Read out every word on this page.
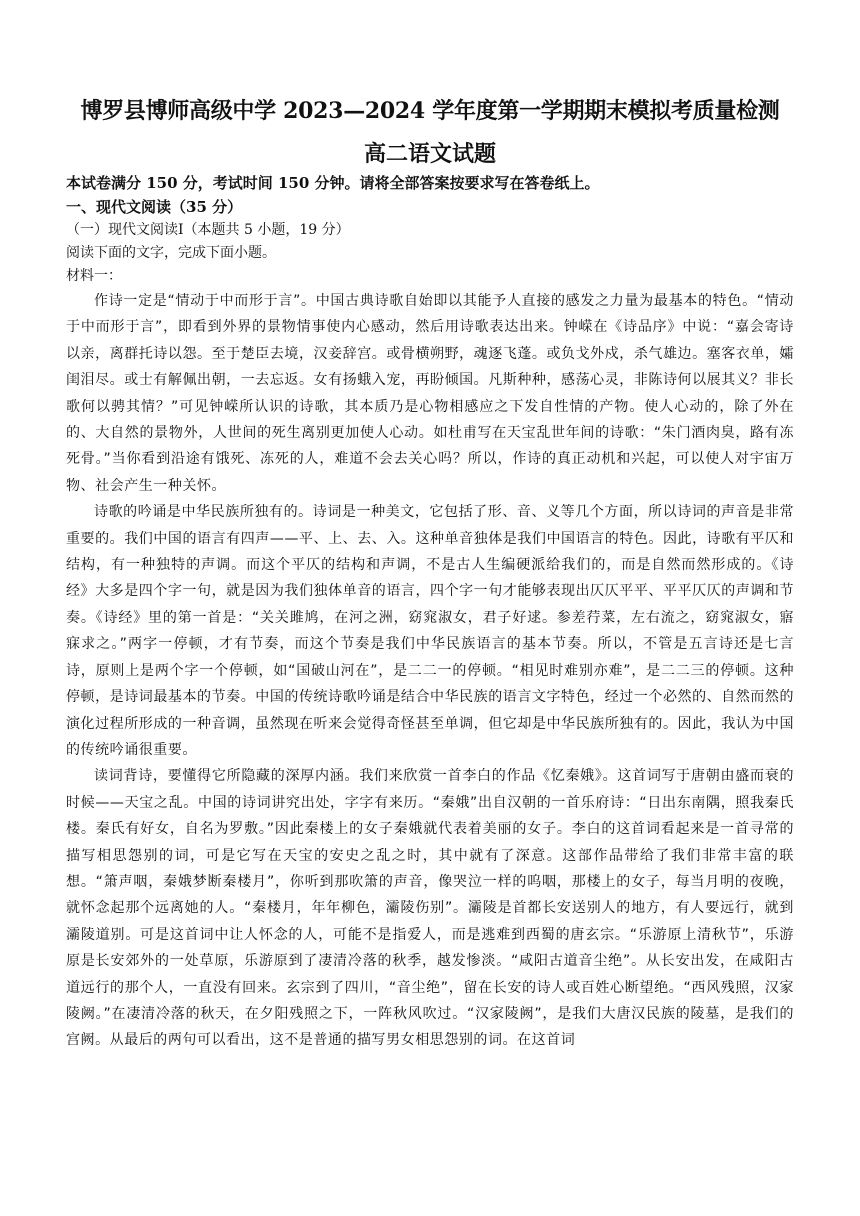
博罗县博师高级中学 2023—2024 学年度第一学期期末模拟考质量检测
高二语文试题
本试卷满分 150 分，考试时间 150 分钟。请将全部答案按要求写在答卷纸上。
一、现代文阅读（35 分）
（一）现代文阅读Ⅰ（本题共 5 小题，19 分）
阅读下面的文字，完成下面小题。
材料一：

作诗一定是“情动于中而形于言”。中国古典诗歌自始即以其能予人直接的感发之力量为最基本的特色。“情动于中而形于言”，即看到外界的景物情事使内心感动，然后用诗歌表达出来。钟嵘在《诗品序》中说：“嘉会寄诗以亲，离群托诗以怨。至于楚臣去境，汉妾辞宫。或骨横朔野，魂逐飞蓬。或负戈外戍，杀气雄边。塞客衣单，孀闺泪尽。或士有解佩出朝，一去忘返。女有扬蛾入宠，再盼倾国。凡斯种种，感荡心灵，非陈诗何以展其义？非长歌何以骋其情？”可见钟嵘所认识的诗歌，其本质乃是心物相感应之下发自性情的产物。使人心动的，除了外在的、大自然的景物外，人世间的死生离别更加使人心动。如杜甫写在天宝乱世年间的诗歌：“朱门酒肉臭，路有冻死骨。”当你看到沿途有饿死、冻死的人，难道不会去关心吗？所以，作诗的真正动机和兴起，可以使人对宇宙万物、社会产生一种关怀。

诗歌的吟诵是中华民族所独有的。诗词是一种美文，它包括了形、音、义等几个方面，所以诗词的声音是非常重要的。我们中国的语言有四声——平、上、去、入。这种单音独体是我们中国语言的特色。因此，诗歌有平仄和结构，有一种独特的声调。而这个平仄的结构和声调，不是古人生编硬派给我们的，而是自然而然形成的。《诗经》大多是四个字一句，就是因为我们独体单音的语言，四个字一句才能够表现出仄仄平平、平平仄仄的声调和节奏。《诗经》里的第一首是：“关关雎鸠，在河之洲，窈窕淑女，君子好逑。参差荇菜，左右流之，窈窕淑女，寤寐求之。”两字一停顿，才有节奏，而这个节奏是我们中华民族语言的基本节奏。所以，不管是五言诗还是七言诗，原则上是两个字一个停顿，如“国破山河在”，是二二一的停顿。“相见时难别亦难”，是二二三的停顿。这种停顿，是诗词最基本的节奏。中国的传统诗歌吟诵是结合中华民族的语言文字特色，经过一个必然的、自然而然的演化过程所形成的一种音调，虽然现在听来会觉得奇怪甚至单调，但它却是中华民族所独有的。因此，我认为中国的传统吟诵很重要。

读词背诗，要懂得它所隐藏的深厚内涵。我们来欣赏一首李白的作品《忆秦娥》。这首词写于唐朝由盛而衰的时候——天宝之乱。中国的诗词讲究出处，字字有来历。“秦娥”出自汉朝的一首乐府诗：“日出东南隅，照我秦氏楼。秦氏有好女，自名为罗敷。”因此秦楼上的女子秦娥就代表着美丽的女子。李白的这首词看起来是一首寻常的描写相思怨别的词，可是它写在天宝的安史之乱之时，其中就有了深意。这部作品带给了我们非常丰富的联想。“箫声咽，秦娥梦断秦楼月”，你听到那吹箫的声音，像哭泣一样的呜咽，那楼上的女子，每当月明的夜晚，就怀念起那个远离她的人。“秦楼月，年年柳色，灞陵伤别”。灞陵是首都长安送别人的地方，有人要远行，就到灞陵道别。可是这首词中让人怀念的人，可能不是指爱人，而是逃难到西蜀的唐玄宗。“乐游原上清秋节”，乐游原是长安郊外的一处草原，乐游原到了凄清冷落的秋季，越发惨淡。“咸阳古道音尘绝”。从长安出发，在咸阳古道远行的那个人，一直没有回来。玄宗到了四川，“音尘绝”，留在长安的诗人或百姓心断望绝。“西风残照，汉家陵阙。”在凄清冷落的秋天，在夕阳残照之下，一阵秋风吹过。“汉家陵阙”，是我们大唐汉民族的陵墓，是我们的宫阙。从最后的两句可以看出，这不是普通的描写男女相思怨别的词。在这首词
